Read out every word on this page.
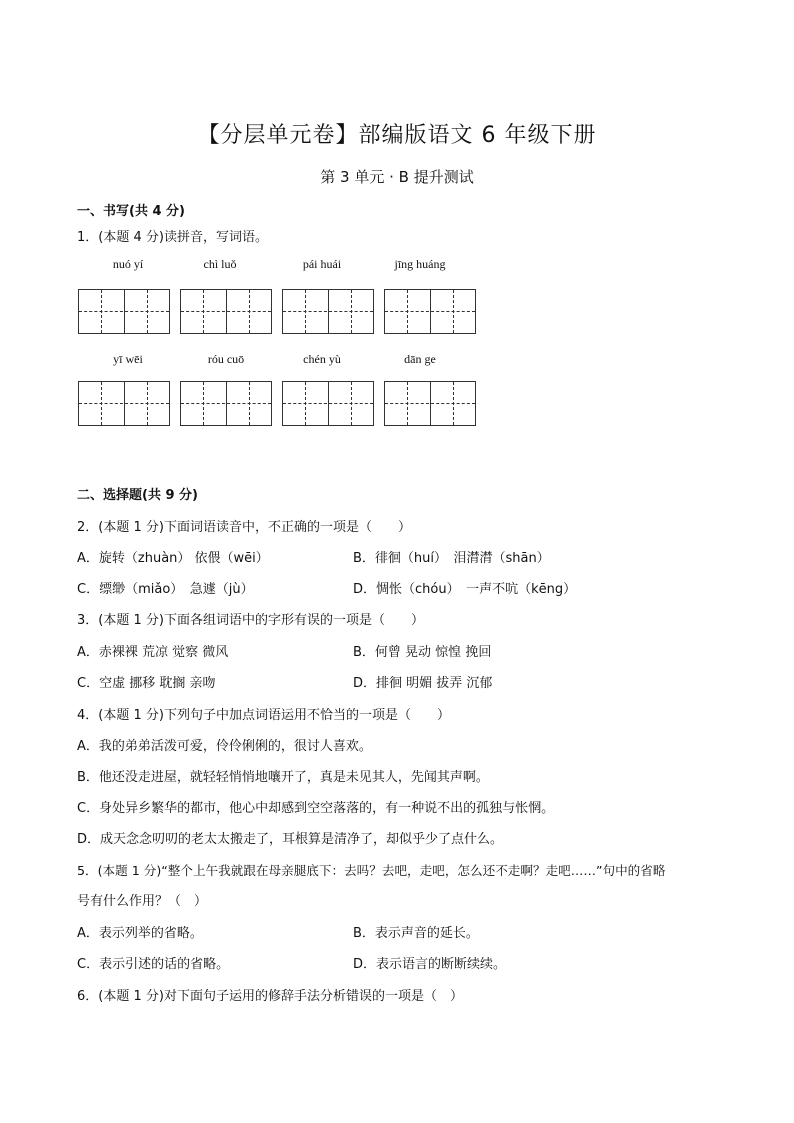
【分层单元卷】部编版语文 6 年级下册
第 3 单元 · B 提升测试
一、书写(共 4 分)
1．(本题 4 分)读拼音，写词语。
nuó yí	chì luǒ	pái huái	jīng huáng
yī wēi	róu cuō	chén yù	dān ge
二、选择题(共 9 分)
2．(本题 1 分)下面词语读音中，不正确的一项是（　　）
A．旋转（zhuàn） 依偎（wēi）	B．徘徊（huí）　泪潸潸（shān）
C．缥缈（miǎo）　急遽（jù）	D．惆怅（chóu）　一声不吭（kēng）
3．(本题 1 分)下面各组词语中的字形有误的一项是（　　）
A．赤裸裸 荒凉 觉察 微风	B．何曾 晃动 惊惶 挽回
C．空虚 挪移 耽搁 亲吻	D．排徊 明媚 拔弄 沉郁
4．(本题 1 分)下列句子中加点词语运用不恰当的一项是（　　）
A．我的弟弟活泼可爱，伶伶俐俐的，很讨人喜欢。
B．他还没走进屋，就轻轻悄悄地嚷开了，真是未见其人，先闻其声啊。
C．身处异乡繁华的都市，他心中却感到空空落落的，有一种说不出的孤独与怅惘。
D．成天念念叨叨的老太太搬走了，耳根算是清净了，却似乎少了点什么。
5．(本题 1 分)“整个上午我就跟在母亲腿底下：去吗？去吧，走吧，怎么还不走啊？走吧……”句中的省略
号有什么作用？（　）
A．表示列举的省略。	B．表示声音的延长。
C．表示引述的话的省略。	D．表示语言的断断续续。
6．(本题 1 分)对下面句子运用的修辞手法分析错误的一项是（　）
